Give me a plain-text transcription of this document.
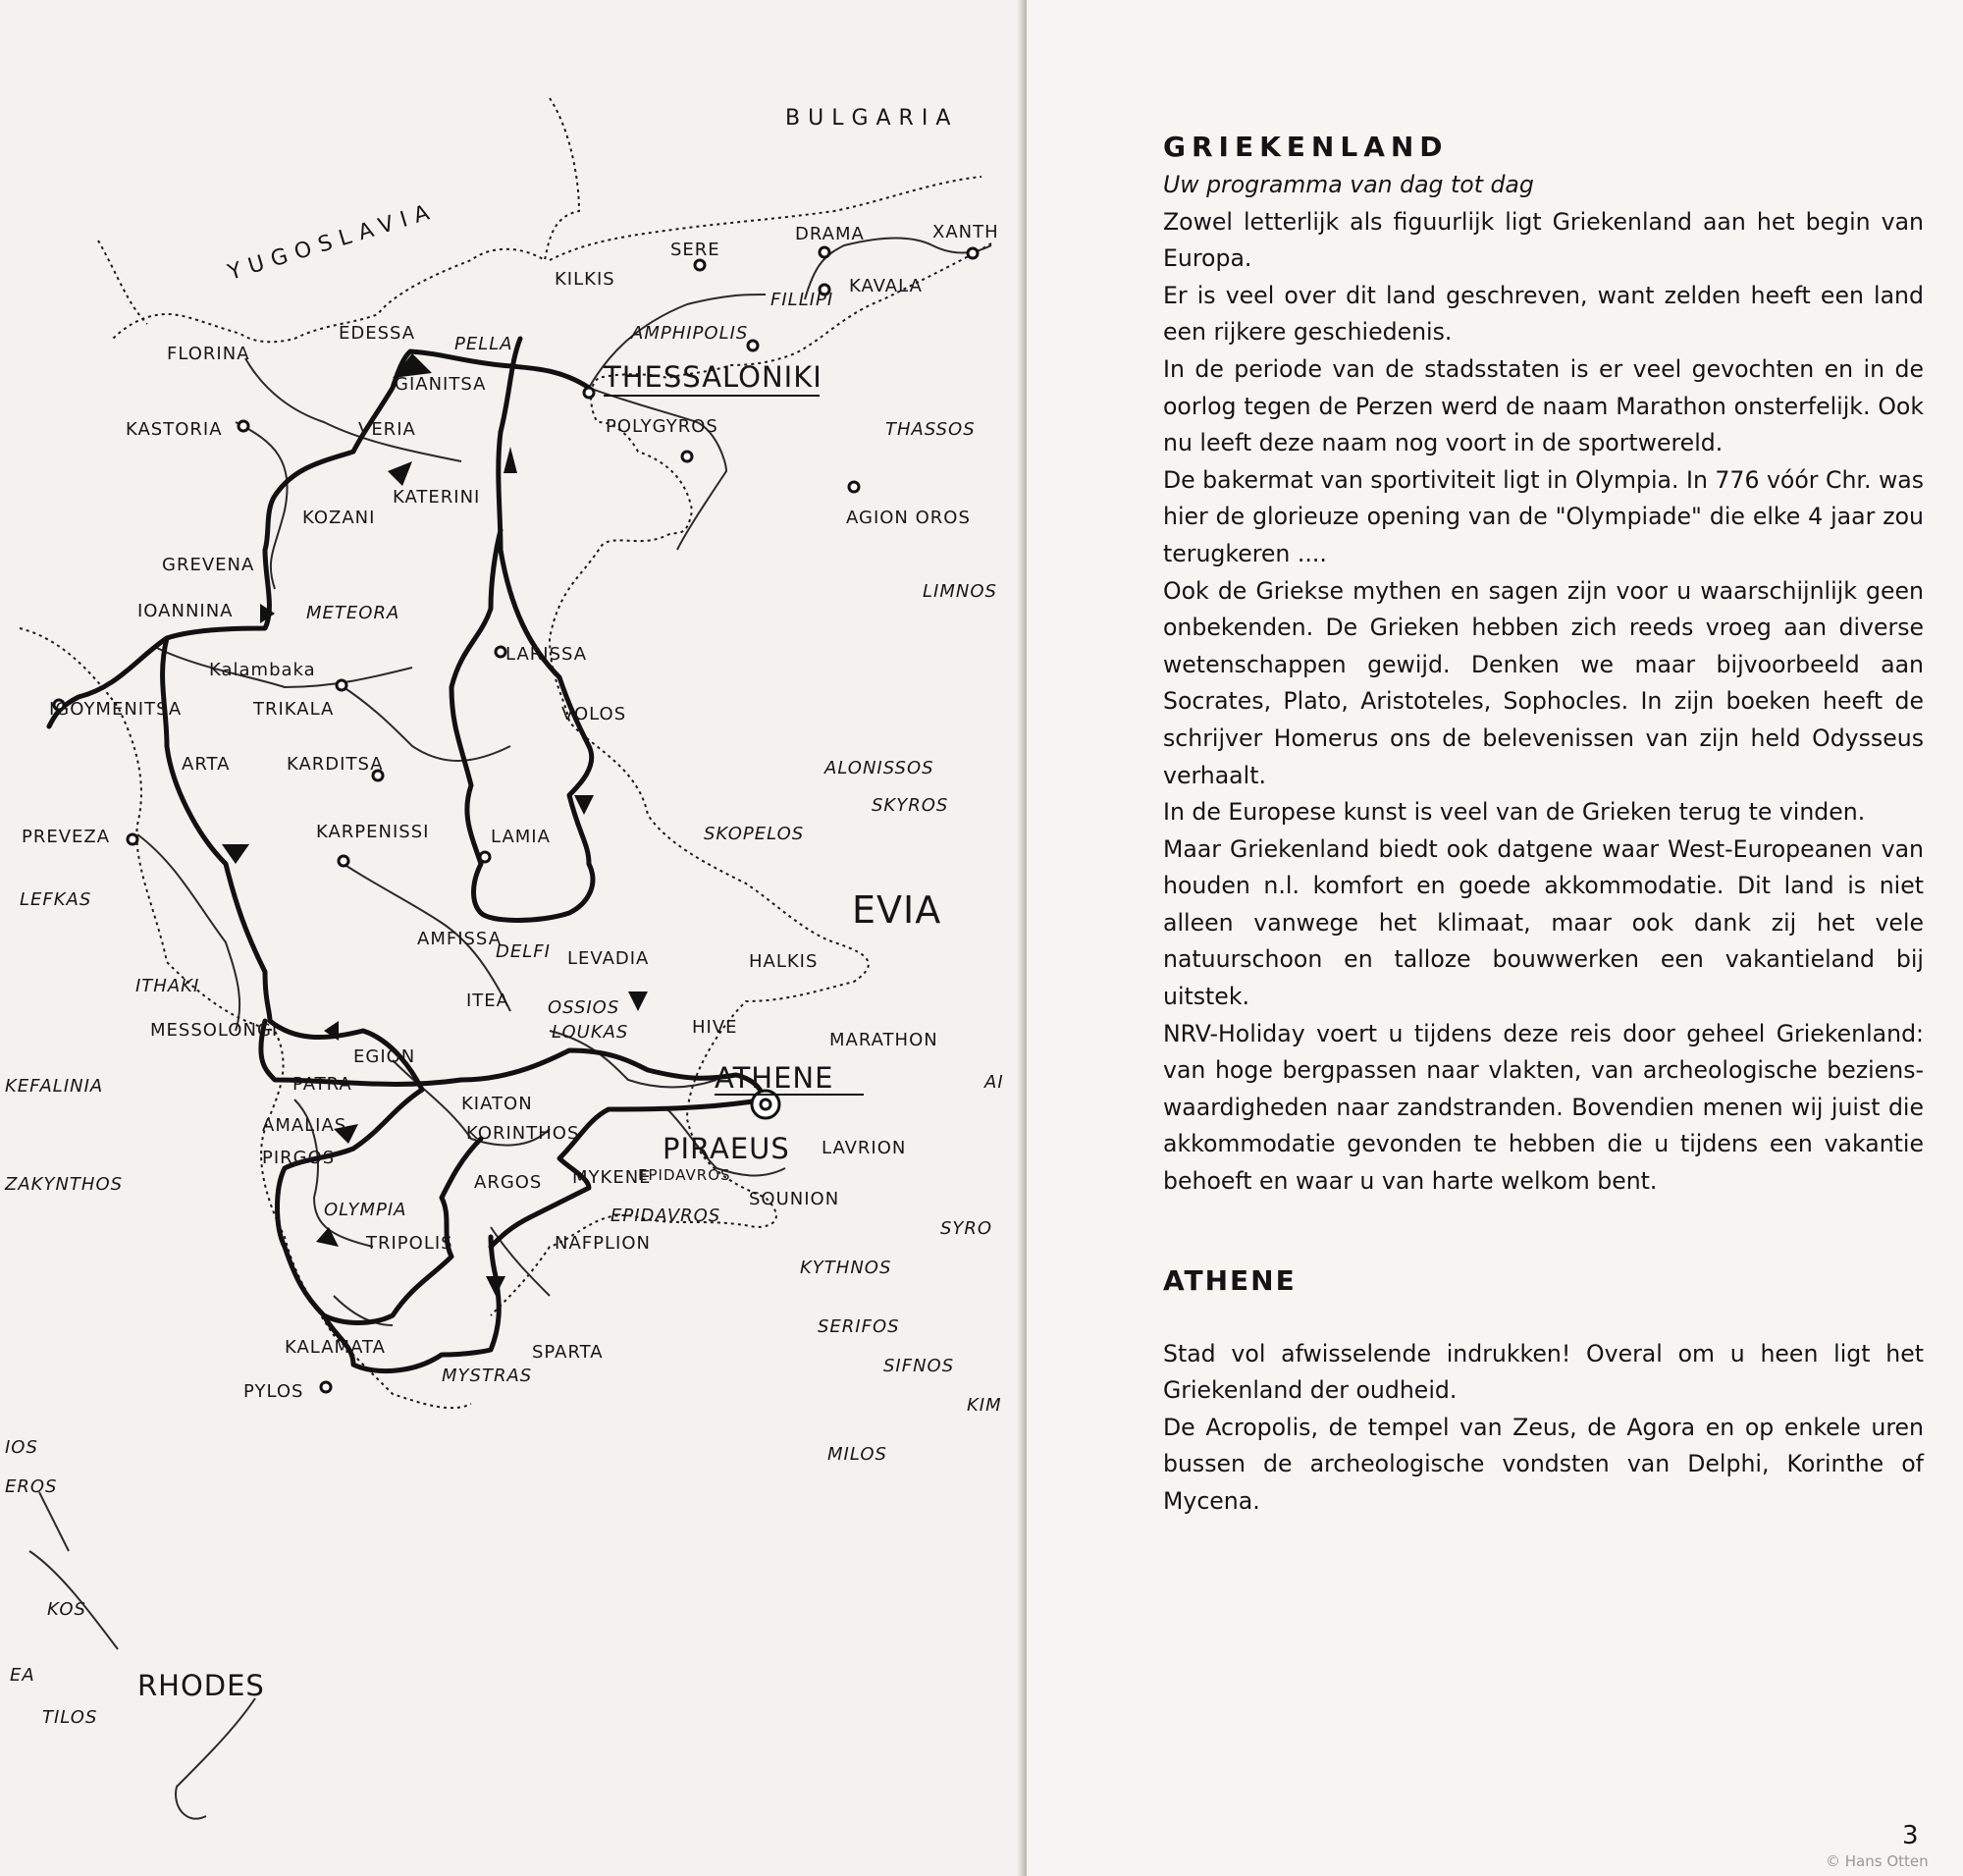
BULGARIA
YUGOSLAVIA	XANTH
DRAMA
SERE
KILKIS	KAVALA
FILLIPI
AMPHIPOLIS
FLORINA
EDESSA
PELLA
GIANITSA	THESSALONIKI
KASTORIA	VERIA	POLYGYROS	THASSOS
KATERINI
KOZANI	AGION OROS
GREVENA
LIMNOS
IOANNINA	METEORA
Kalambaka
LARISSA
IGOYMENITSA	TRIKALA	VOLOS
ARTA	KARDITSA	ALONISSOS
SKYROS
PREVEZA	KARPENISSI	LAMIA	SKOPELOS
LEFKAS	EVIA
AMFISSA
DELFI LEVADIA	HALKIS
ITHAKI
ITEA OSSIOS
LOUKAS	HIVE
MARATHON
MESSOLONGI
EGION
ATHENE	AI
KEFALINIA	PATRA
KIATON
AMALIAS	KORINTHOS	PIRAEUS LAVRION
PIRGOS
ARGOS MYKENE
EPIDAVROS
ZAKYNTHOS
SOUNION
OLYMPIA	EPIDAVROS
SYRO
TRIPOLIS	NAFPLION
KYTHNOS
SERIFOS
KALAMATA	SPARTA
SIFNOS
PYLOS
MYSTRAS
KIM
IOS	MILOS
EROS
KOS
RHODES
EA
TILOS
GRIEKENLAND

Uw programma van dag tot dag

Zowel letterlijk als figuurlijk ligt Griekenland aan het begin van Europa.

Er is veel over dit land geschreven, want zelden heeft een land een rijkere geschiedenis.

In de periode van de stadsstaten is er veel gevochten en in de oorlog tegen de Perzen werd de naam Marathon onsterfelijk. Ook nu leeft deze naam nog voort in de sportwereld.

De bakermat van sportiviteit ligt in Olympia. In 776 vóór Chr. was hier de glorieuze opening van de "Olympiade" die elke 4 jaar zou terugkeren ....

Ook de Griekse mythen en sagen zijn voor u waarschijnlijk geen onbekenden. De Grieken hebben zich reeds vroeg aan diverse wetenschappen gewijd. Denken we maar bijvoorbeeld aan Socrates, Plato, Aristoteles, Sophocles. In zijn boeken heeft de schrijver Homerus ons de belevenissen van zijn held Odysseus verhaalt.

In de Europese kunst is veel van de Grieken terug te vinden.

Maar Griekenland biedt ook datgene waar West-Europeanen van houden n.l. komfort en goede akkommodatie. Dit land is niet alleen vanwege het klimaat, maar ook dank zij het vele natuurschoon en talloze bouwwerken een vakantieland bij uitstek.

NRV-Holiday voert u tijdens deze reis door geheel Griekenland: van hoge bergpassen naar vlakten, van archeologische bezienswaardigheden naar zandstranden. Bovendien menen wij juist die akkommodatie gevonden te hebben die u tijdens een vakantie behoeft en waar u van harte welkom bent.

ATHENE

Stad vol afwisselende indrukken! Overal om u heen ligt het Griekenland der oudheid.

De Acropolis, de tempel van Zeus, de Agora en op enkele uren bussen de archeologische vondsten van Delphi, Korinthe of Mycena.

3
© Hans Otten
